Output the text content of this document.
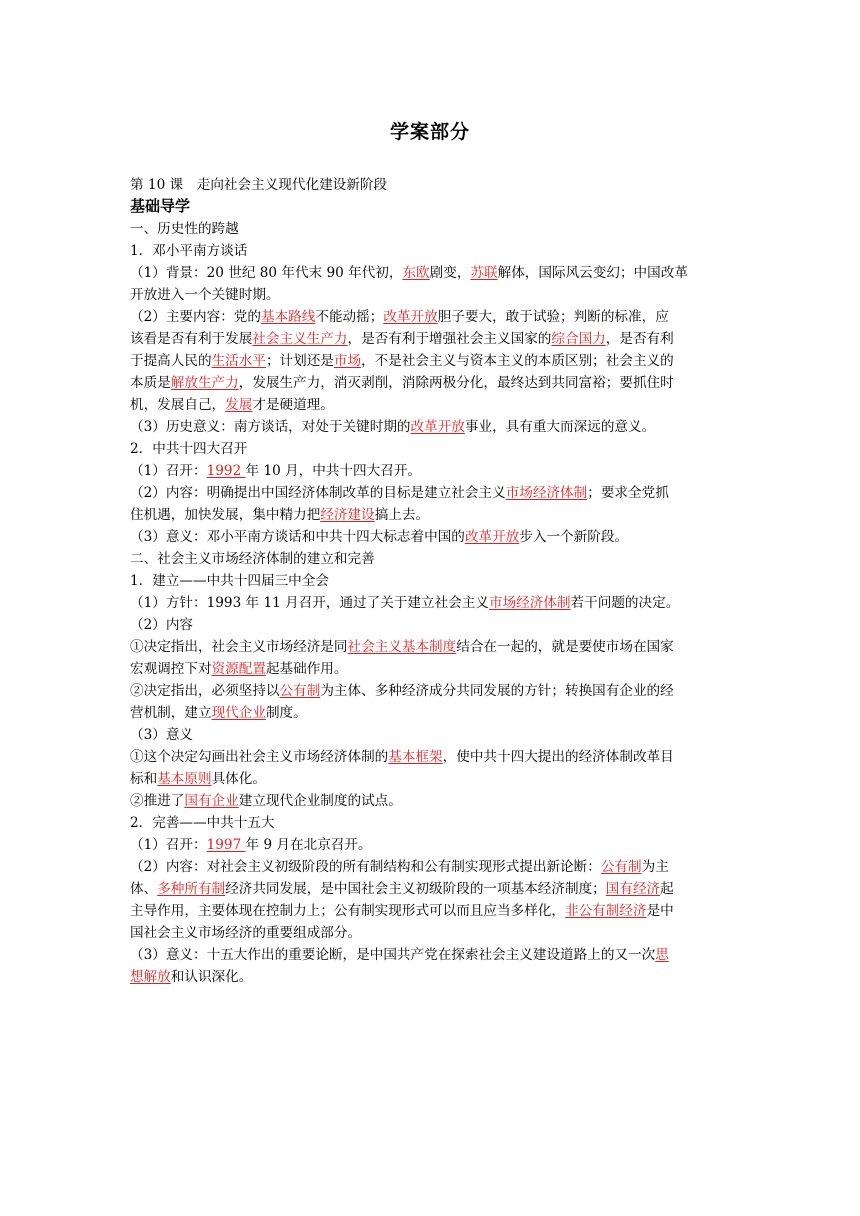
学案部分
第 10 课　走向社会主义现代化建设新阶段
基础导学
一、历史性的跨越
1．邓小平南方谈话
（1）背景：20 世纪 80 年代末 90 年代初，东欧剧变，苏联解体，国际风云变幻；中国改革
开放进入一个关键时期。
（2）主要内容：党的基本路线不能动摇；改革开放胆子要大，敢于试验；判断的标准，应
该看是否有利于发展社会主义生产力，是否有利于增强社会主义国家的综合国力，是否有利
于提高人民的生活水平；计划还是市场，不是社会主义与资本主义的本质区别；社会主义的
本质是解放生产力，发展生产力，消灭剥削，消除两极分化，最终达到共同富裕；要抓住时
机，发展自己，发展才是硬道理。
（3）历史意义：南方谈话，对处于关键时期的改革开放事业，具有重大而深远的意义。
2．中共十四大召开
（1）召开：1992 年 10 月，中共十四大召开。
（2）内容：明确提出中国经济体制改革的目标是建立社会主义市场经济体制；要求全党抓
住机遇，加快发展，集中精力把经济建设搞上去。
（3）意义：邓小平南方谈话和中共十四大标志着中国的改革开放步入一个新阶段。
二、社会主义市场经济体制的建立和完善
1．建立——中共十四届三中全会
（1）方针：1993 年 11 月召开，通过了关于建立社会主义市场经济体制若干问题的决定。
（2）内容
①决定指出，社会主义市场经济是同社会主义基本制度结合在一起的，就是要使市场在国家
宏观调控下对资源配置起基础作用。
②决定指出，必须坚持以公有制为主体、多种经济成分共同发展的方针；转换国有企业的经
营机制，建立现代企业制度。
（3）意义
①这个决定勾画出社会主义市场经济体制的基本框架，使中共十四大提出的经济体制改革目
标和基本原则具体化。
②推进了国有企业建立现代企业制度的试点。
2．完善——中共十五大
（1）召开：1997 年 9 月在北京召开。
（2）内容：对社会主义初级阶段的所有制结构和公有制实现形式提出新论断：公有制为主
体、多种所有制经济共同发展，是中国社会主义初级阶段的一项基本经济制度；国有经济起
主导作用，主要体现在控制力上；公有制实现形式可以而且应当多样化，非公有制经济是中
国社会主义市场经济的重要组成部分。
（3）意义：十五大作出的重要论断，是中国共产党在探索社会主义建设道路上的又一次思
想解放和认识深化。
